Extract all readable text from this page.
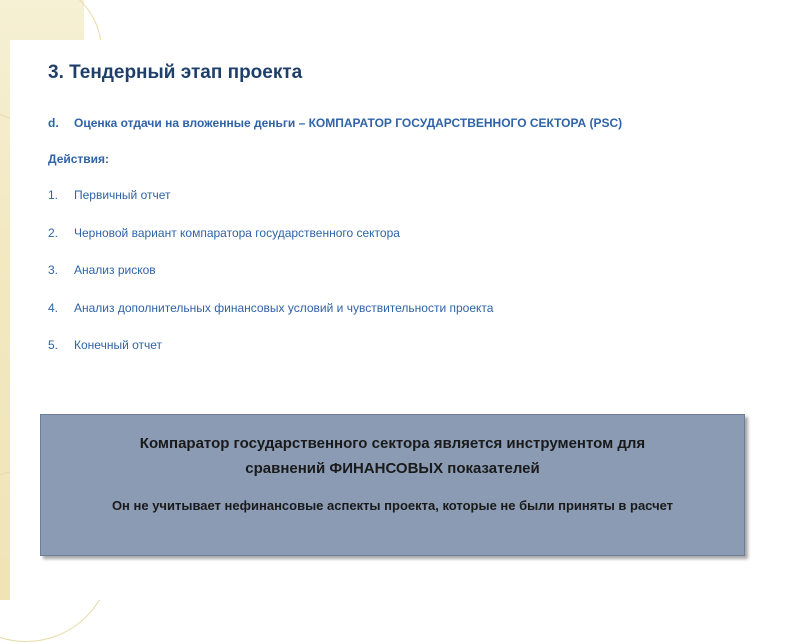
3. Тендерный этап проекта
d. Оценка отдачи на вложенные деньги – КОМПАРАТОР ГОСУДАРСТВЕННОГО СЕКТОРА (PSC)
Действия:
1. Первичный отчет
2. Черновой вариант компаратора государственного сектора
3. Анализ рисков
4. Анализ дополнительных финансовых условий и чувствительности проекта
5. Конечный отчет
Компаратор государственного сектора является инструментом для
сравнений ФИНАНСОВЫХ показателей
Он не учитывает нефинансовые аспекты проекта, которые не были приняты в расчет
